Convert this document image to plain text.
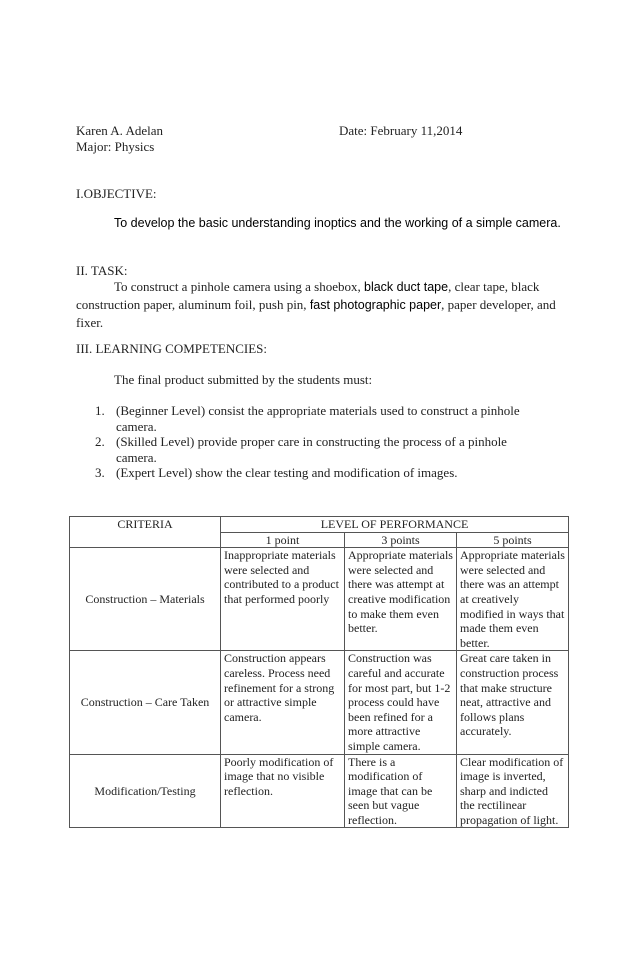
Karen A. Adelan	Date: February 11,2014
Major: Physics
I.OBJECTIVE:
To develop the basic understanding inoptics and the working of a simple camera.
II. TASK:
To construct a pinhole camera using a shoebox, black duct tape, clear tape, black construction paper, aluminum foil, push pin, fast photographic paper, paper developer, and fixer.
III. LEARNING COMPETENCIES:
The final product submitted by the students must:
1. (Beginner Level) consist the appropriate materials used to construct a pinhole camera.
2. (Skilled Level) provide proper care in constructing the process of a pinhole camera.
3. (Expert Level) show the clear testing and modification of images.
CRITERIA	LEVEL OF PERFORMANCE		
	1 point	3 points	5 points
Construction – Materials	Inappropriate materials were selected and contributed to a product that performed poorly	Appropriate materials were selected and there was attempt at creative modification to make them even better.	Appropriate materials were selected and there was an attempt at creatively modified in ways that made them even better.
Construction – Care Taken	Construction appears careless. Process need refinement for a strong or attractive simple camera.	Construction was careful and accurate for most part, but 1-2 process could have been refined for a more attractive simple camera.	Great care taken in construction process that make structure neat, attractive and follows plans accurately.
Modification/Testing	Poorly modification of image that no visible reflection.	There is a modification of image that can be seen but vague reflection.	Clear modification of image is inverted, sharp and indicted the rectilinear propagation of light.
